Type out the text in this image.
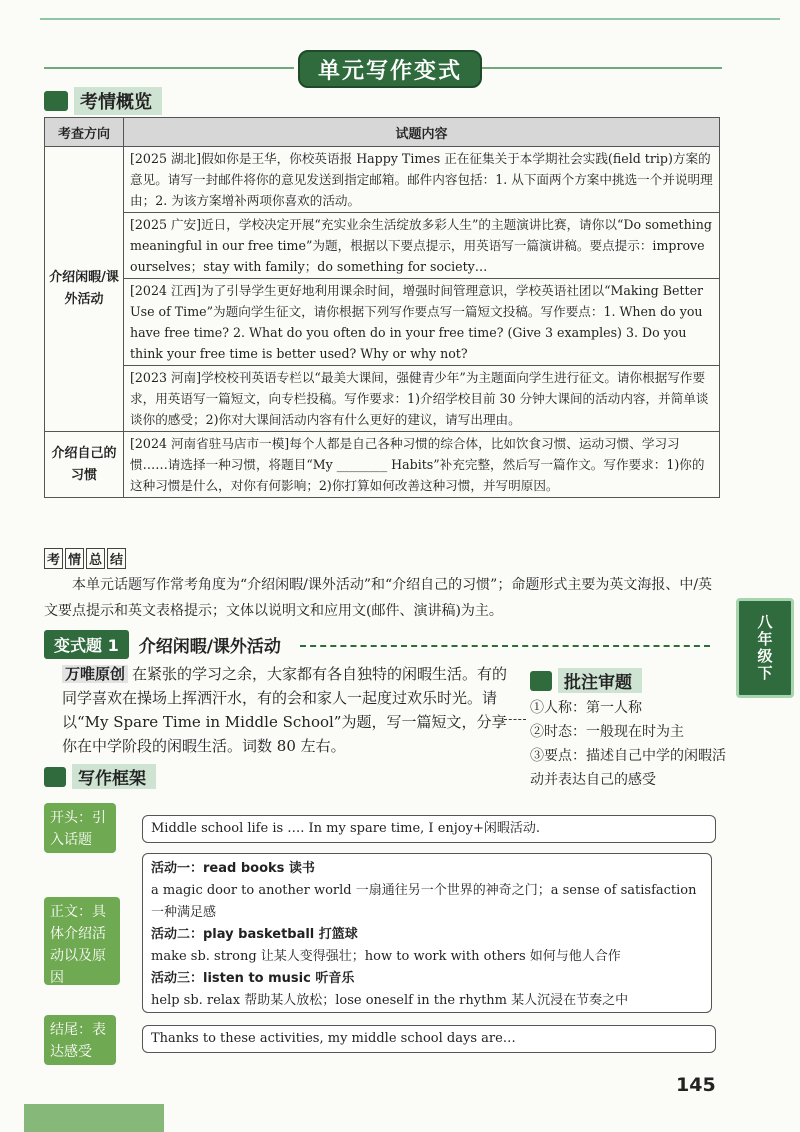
单元写作变式
考情概览
考查方向	试题内容
介绍闲暇/课外活动	[2025 湖北]假如你是王华，你校英语报 Happy Times 正在征集关于本学期社会实践(field trip)方案的意见。请写一封邮件将你的意见发送到指定邮箱。邮件内容包括：1. 从下面两个方案中挑选一个并说明理由；2. 为该方案增补两项你喜欢的活动。
	[2025 广安]近日，学校决定开展“充实业余生活绽放多彩人生”的主题演讲比赛，请你以“Do something meaningful in our free time”为题，根据以下要点提示，用英语写一篇演讲稿。要点提示：improve ourselves；stay with family；do something for society…
	[2024 江西]为了引导学生更好地利用课余时间，增强时间管理意识，学校英语社团以“Making Better Use of Time”为题向学生征文，请你根据下列写作要点写一篇短文投稿。写作要点：1. When do you have free time? 2. What do you often do in your free time? (Give 3 examples) 3. Do you think your free time is better used? Why or why not?
	[2023 河南]学校校刊英语专栏以“最美大课间，强健青少年”为主题面向学生进行征文。请你根据写作要求，用英语写一篇短文，向专栏投稿。写作要求：1)介绍学校目前 30 分钟大课间的活动内容，并简单谈谈你的感受；2)你对大课间活动内容有什么更好的建议，请写出理由。
介绍自己的习惯	[2024 河南省驻马店市一模]每个人都是自己各种习惯的综合体，比如饮食习惯、运动习惯、学习习惯……请选择一种习惯，将题目“My ________ Habits”补充完整，然后写一篇作文。写作要求：1)你的这种习惯是什么，对你有何影响；2)你打算如何改善这种习惯，并写明原因。
考 情 总 结
本单元话题写作常考角度为“介绍闲暇/课外活动”和“介绍自己的习惯”；命题形式主要为英文海报、中/英文要点提示和英文表格提示；文体以说明文和应用文(邮件、演讲稿)为主。
八年级下
变式题 1	介绍闲暇/课外活动
万唯原创 在紧张的学习之余，大家都有各自独特的闲暇生活。有的同学喜欢在操场上挥洒汗水，有的会和家人一起度过欢乐时光。请以“My Spare Time in Middle School”为题，写一篇短文，分享你在中学阶段的闲暇生活。词数 80 左右。
批注审题
①人称：第一人称
②时态：一般现在时为主
③要点：描述自己中学的闲暇活动并表达自己的感受
写作框架
开头：引入话题
Middle school life is …. In my spare time, I enjoy+闲暇活动.
正文：具体介绍活动以及原因
活动一：read books 读书
a magic door to another world 一扇通往另一个世界的神奇之门；a sense of satisfaction 一种满足感
活动二：play basketball 打篮球
make sb. strong 让某人变得强壮；how to work with others 如何与他人合作
活动三：listen to music 听音乐
help sb. relax 帮助某人放松；lose oneself in the rhythm 某人沉浸在节奏之中
结尾：表达感受
Thanks to these activities, my middle school days are…
145
